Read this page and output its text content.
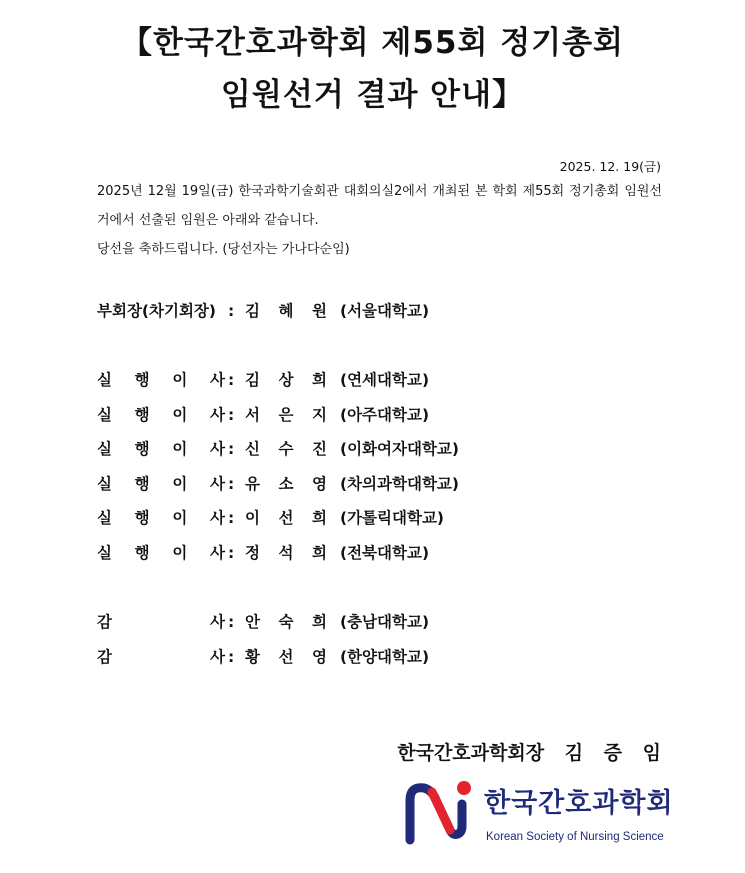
【한국간호과학회 제55회 정기총회
임원선거 결과 안내】
2025. 12. 19(금)

2025년 12월 19일(금) 한국과학기술회관 대회의실2에서 개최된 본 학회 제55회 정기총회 임원선거에서 선출된 임원은 아래와 같습니다.

당선을 축하드립니다. (당선자는 가나다순임)

부회장(차기회장) : 김 혜 원 (서울대학교)
실 행 이 사 : 김 상 희 (연세대학교)
실 행 이 사 : 서 은 지 (아주대학교)
실 행 이 사 : 신 수 진 (이화여자대학교)
실 행 이 사 : 유 소 영 (차의과학대학교)
실 행 이 사 : 이 선 희 (가톨릭대학교)
실 행 이 사 : 정 석 희 (전북대학교)
감	사 : 안 숙 희 (충남대학교)
감	사 : 황 선 영 (한양대학교)
한국간호과학회장 김 증 임
한국간호과학회
Korean Society of Nursing Science
